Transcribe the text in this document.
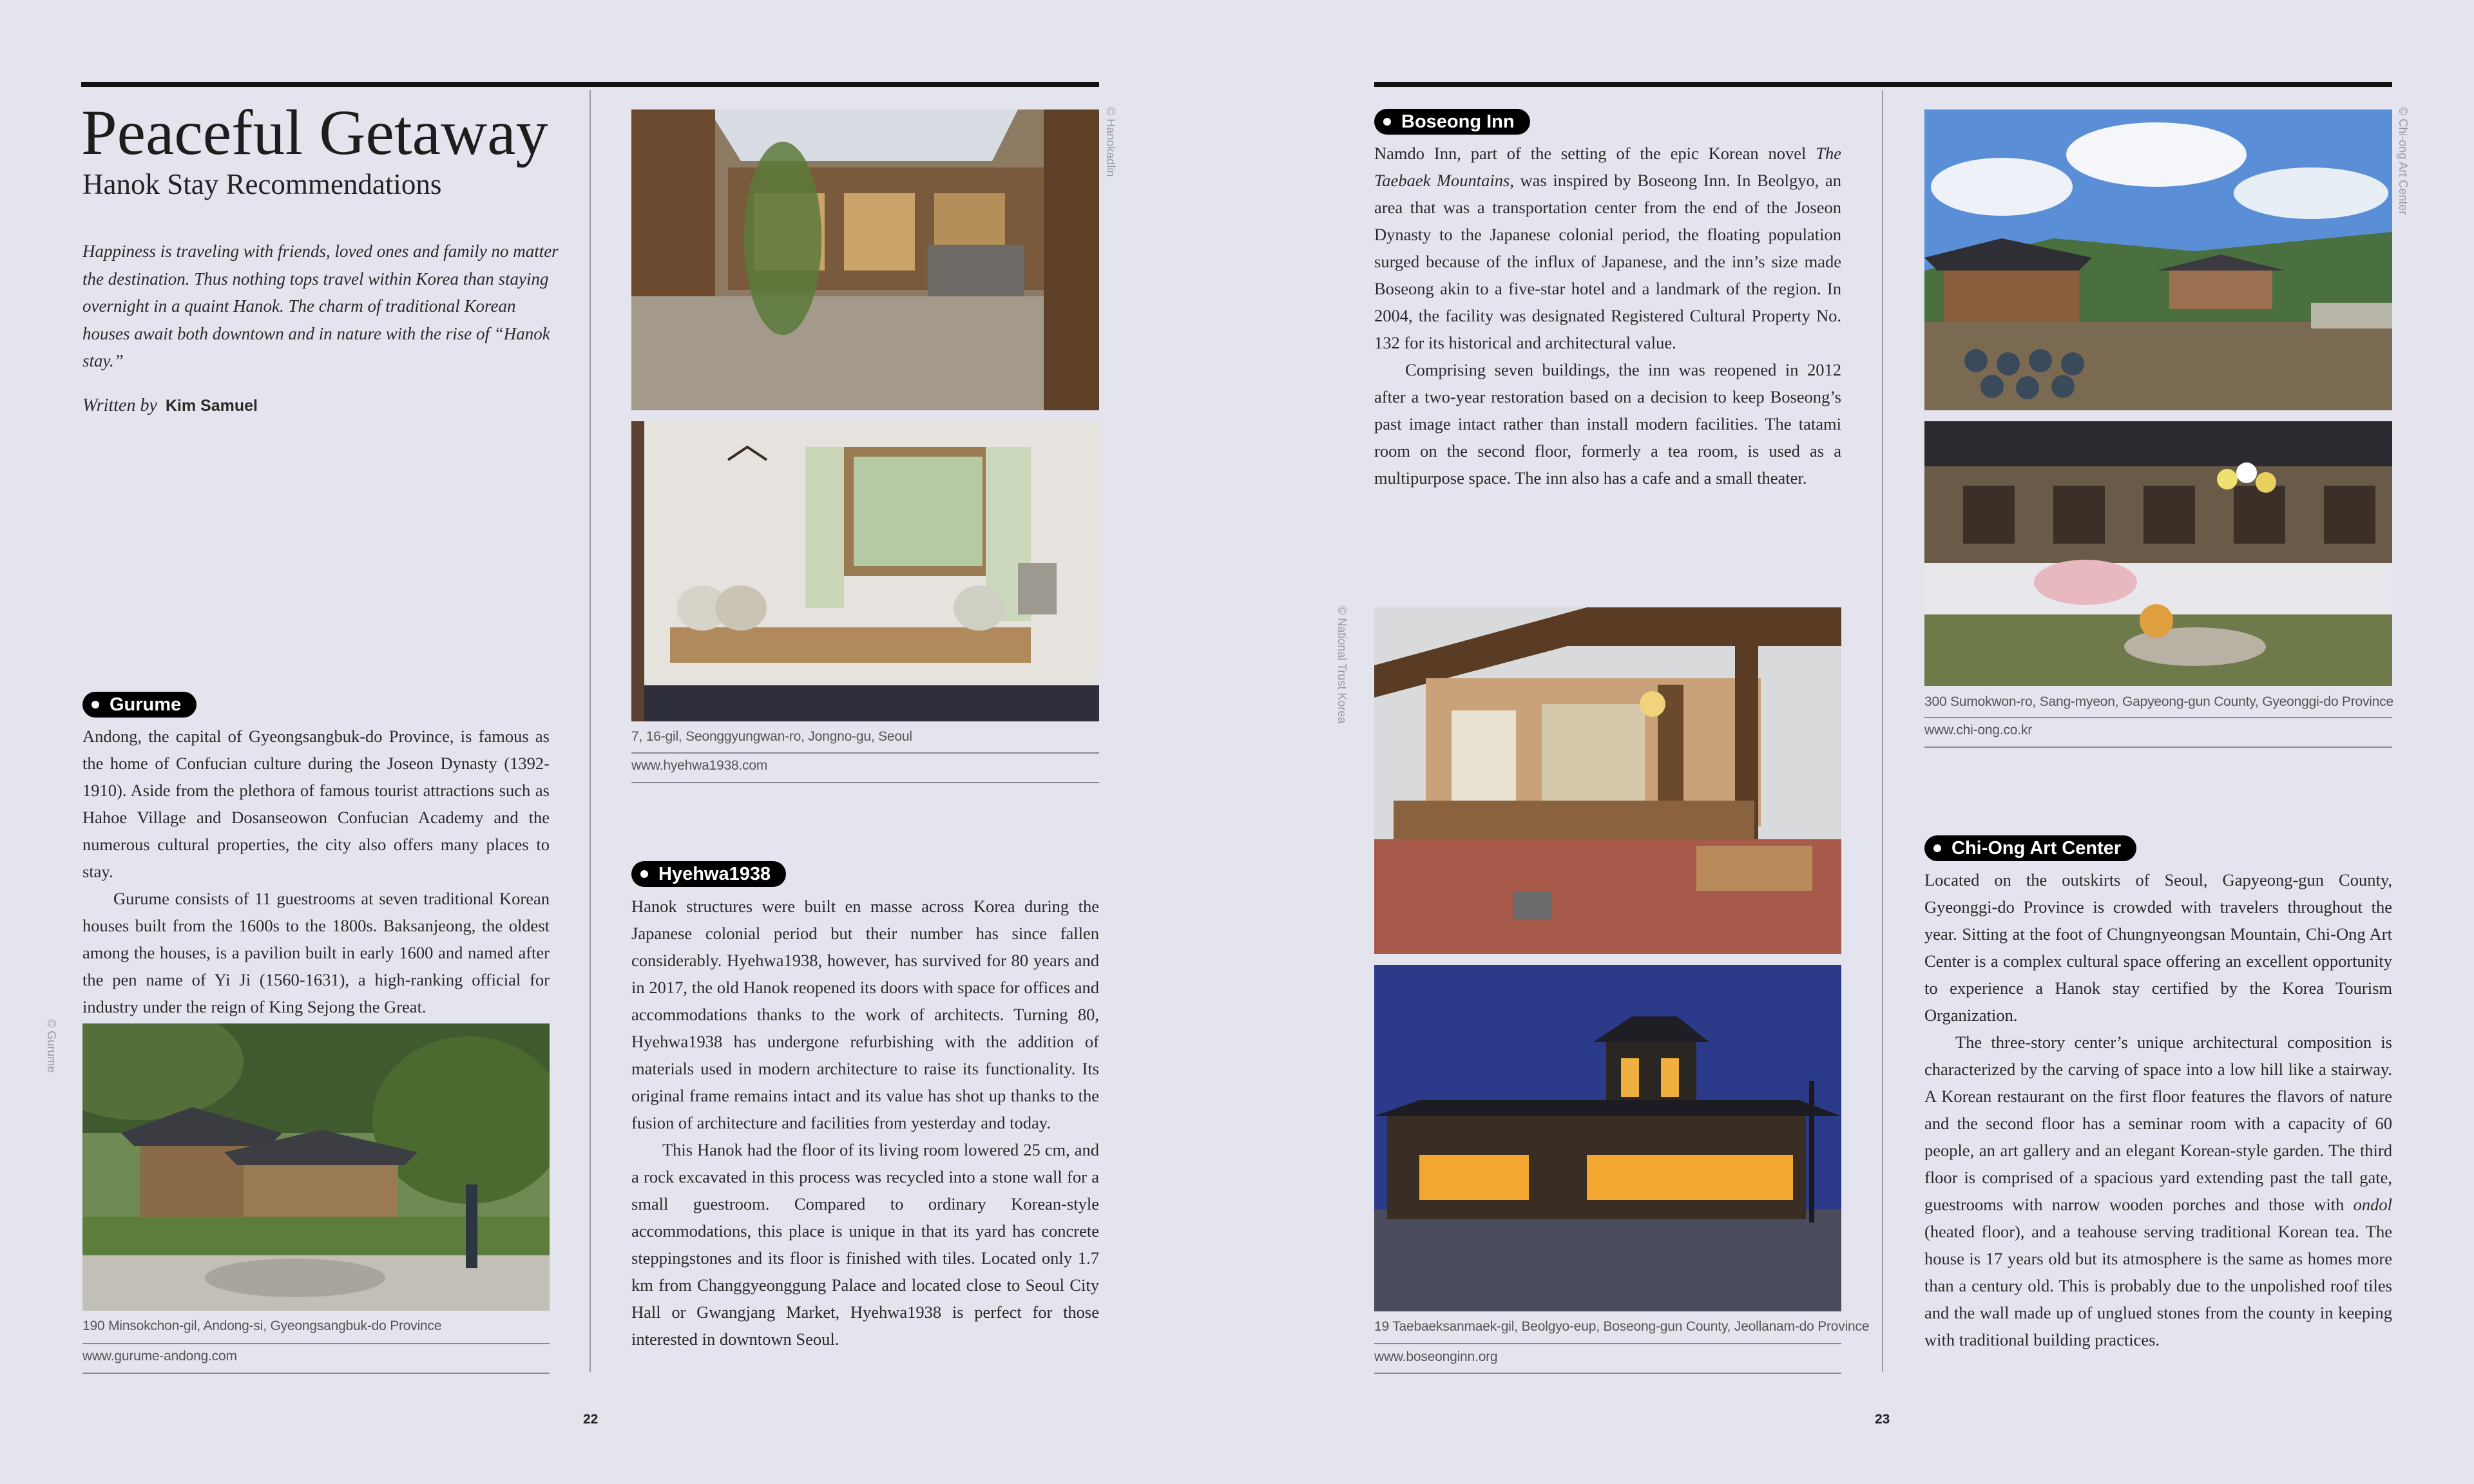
Peaceful Getaway
Hanok Stay Recommendations

Happiness is traveling with friends, loved ones and family no matter the destination. Thus nothing tops travel within Korea than staying overnight in a quaint Hanok. The charm of traditional Korean houses await both downtown and in nature with the rise of “Hanok stay.”

Written by Kim Samuel
Gurume

Andong, the capital of Gyeongsangbuk-do Province, is famous as the home of Confucian culture during the Joseon Dynasty (1392-1910). Aside from the plethora of famous tourist attractions such as Hahoe Village and Dosanseowon Confucian Academy and the numerous cultural properties, the city also offers many places to stay.

Gurume consists of 11 guestrooms at seven traditional Korean houses built from the 1600s to the 1800s. Baksanjeong, the oldest among the houses, is a pavilion built in early 1600 and named after the pen name of Yi Ji (1560-1631), a high-ranking official for industry under the reign of King Sejong the Great.

© Gurume
190 Minsokchon-gil, Andong-si, Gyeongsangbuk-do Province
www.gurume-andong.com
© Hanokadlin
7, 16-gil, Seonggyungwan-ro, Jongno-gu, Seoul
www.hyehwa1938.com
Hyehwa1938

Hanok structures were built en masse across Korea during the Japanese colonial period but their number has since fallen considerably. Hyehwa1938, however, has survived for 80 years and in 2017, the old Hanok reopened its doors with space for offices and accommodations thanks to the work of architects. Turning 80, Hyehwa1938 has undergone refurbishing with the addition of materials used in modern architecture to raise its functionality. Its original frame remains intact and its value has shot up thanks to the fusion of architecture and facilities from yesterday and today.

This Hanok had the floor of its living room lowered 25 cm, and a rock excavated in this process was recycled into a stone wall for a small guestroom. Compared to ordinary Korean-style accommodations, this place is unique in that its yard has concrete steppingstones and its floor is finished with tiles. Located only 1.7 km from Changgyeonggung Palace and located close to Seoul City Hall or Gwangjang Market, Hyehwa1938 is perfect for those interested in downtown Seoul.

22
Boseong Inn

Namdo Inn, part of the setting of the epic Korean novel The Taebaek Mountains, was inspired by Boseong Inn. In Beolgyo, an area that was a transportation center from the end of the Joseon Dynasty to the Japanese colonial period, the floating population surged because of the influx of Japanese, and the inn’s size made Boseong akin to a five-star hotel and a landmark of the region. In 2004, the facility was designated Registered Cultural Property No. 132 for its historical and architectural value.

Comprising seven buildings, the inn was reopened in 2012 after a two-year restoration based on a decision to keep Boseong’s past image intact rather than install modern facilities. The tatami room on the second floor, formerly a tea room, is used as a multipurpose space. The inn also has a cafe and a small theater.

© National Trust Korea
19 Taebaeksanmaek-gil, Beolgyo-eup, Boseong-gun County, Jeollanam-do Province
www.boseonginn.org
23
© Chi-ong Art Center
300 Sumokwon-ro, Sang-myeon, Gapyeong-gun County, Gyeonggi-do Province
www.chi-ong.co.kr
Chi-Ong Art Center

Located on the outskirts of Seoul, Gapyeong-gun County, Gyeonggi-do Province is crowded with travelers throughout the year. Sitting at the foot of Chungnyeongsan Mountain, Chi-Ong Art Center is a complex cultural space offering an excellent opportunity to experience a Hanok stay certified by the Korea Tourism Organization.

The three-story center’s unique architectural composition is characterized by the carving of space into a low hill like a stairway. A Korean restaurant on the first floor features the flavors of nature and the second floor has a seminar room with a capacity of 60 people, an art gallery and an elegant Korean-style garden. The third floor is comprised of a spacious yard extending past the tall gate, guestrooms with narrow wooden porches and those with ondol (heated floor), and a teahouse serving traditional Korean tea. The house is 17 years old but its atmosphere is the same as homes more than a century old. This is probably due to the unpolished roof tiles and the wall made up of unglued stones from the county in keeping with traditional building practices.
